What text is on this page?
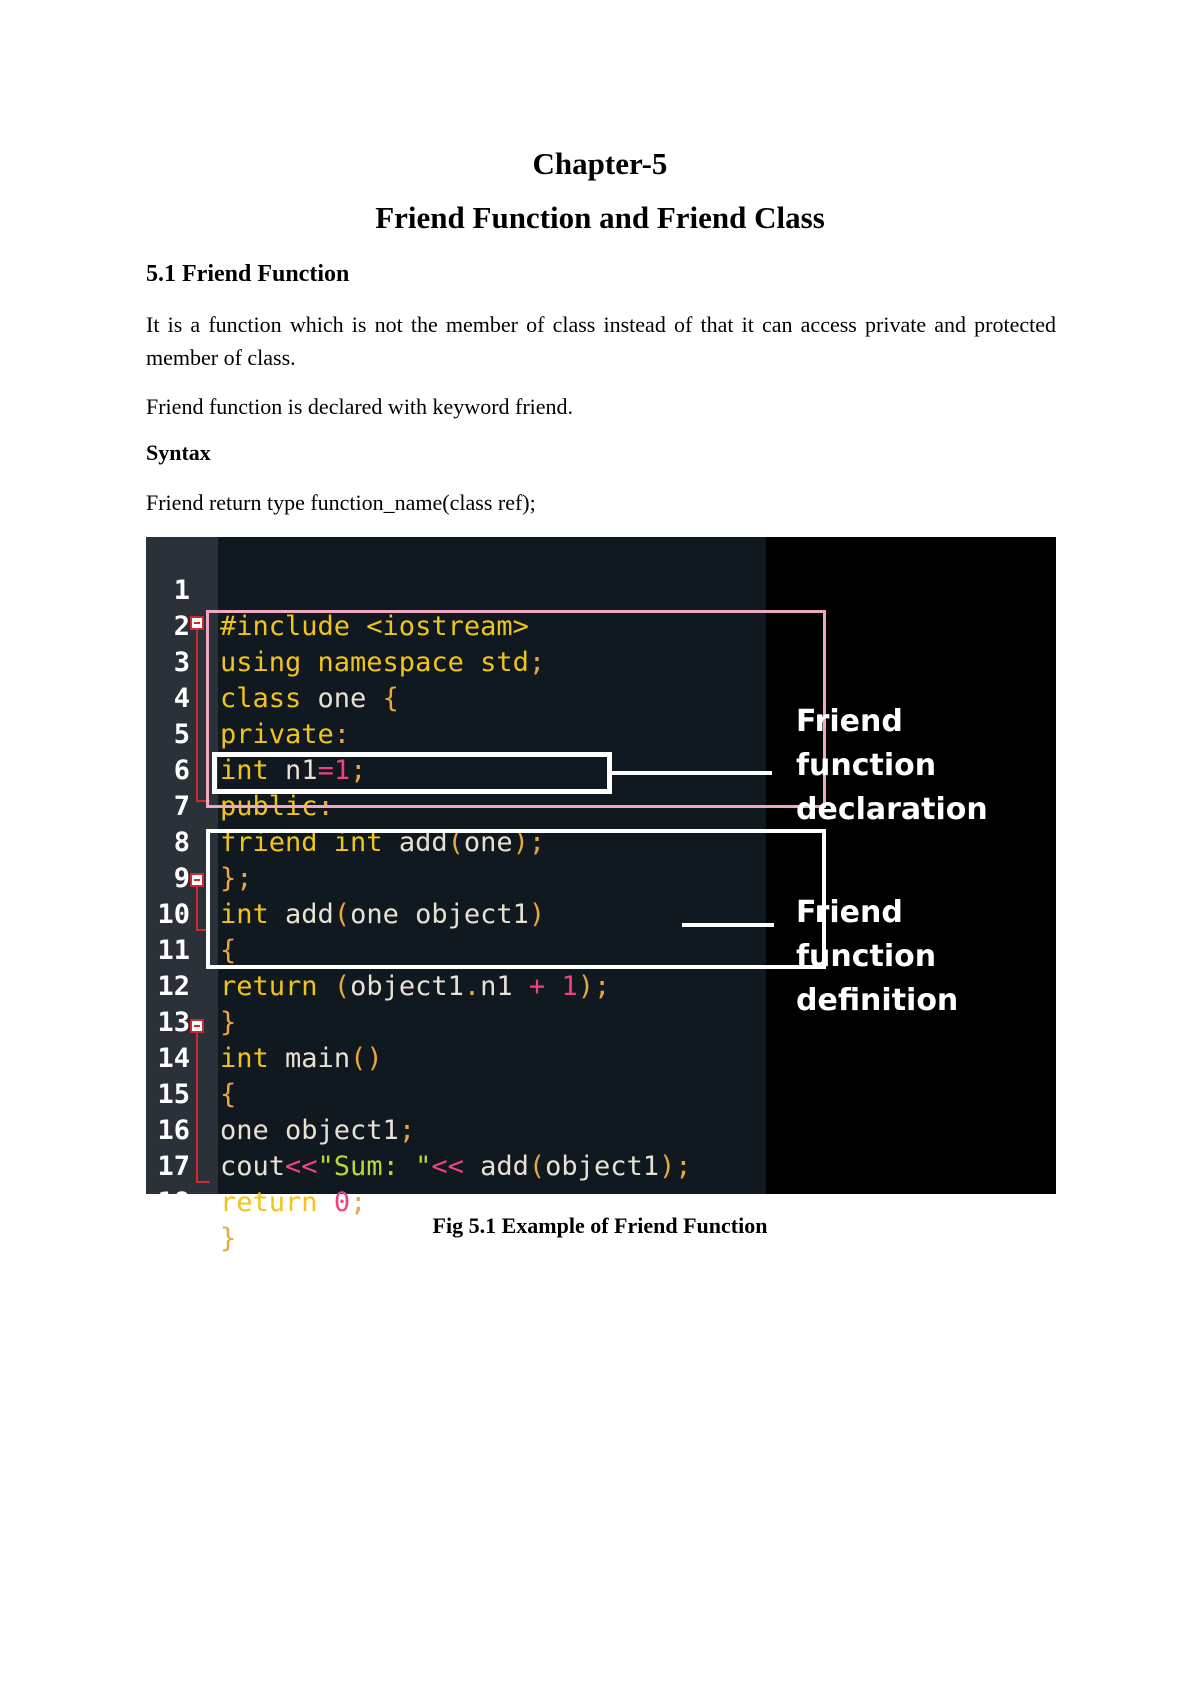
Chapter-5
Friend Function and Friend Class
5.1 Friend Function
It is a function which is not the member of class instead of that it can access private and protected member of class.
Friend function is declared with keyword friend.
Syntax
Friend return type function_name(class ref);

1

#include <iostream>

2

using namespace std;

3

class one {

4

private:

5

int n1=1;

6

public:

7

friend int add(one);

8

};

9

int add(one object1)

10

{

11

return (object1.n1 + 1);

12

}

13

int main()

14

{

15

one object1;

16

cout<<"Sum: "<< add(object1);

17

return 0;

18

}

Friend
function
declaration
Friend
function
definition
Fig 5.1 Example of Friend Function
